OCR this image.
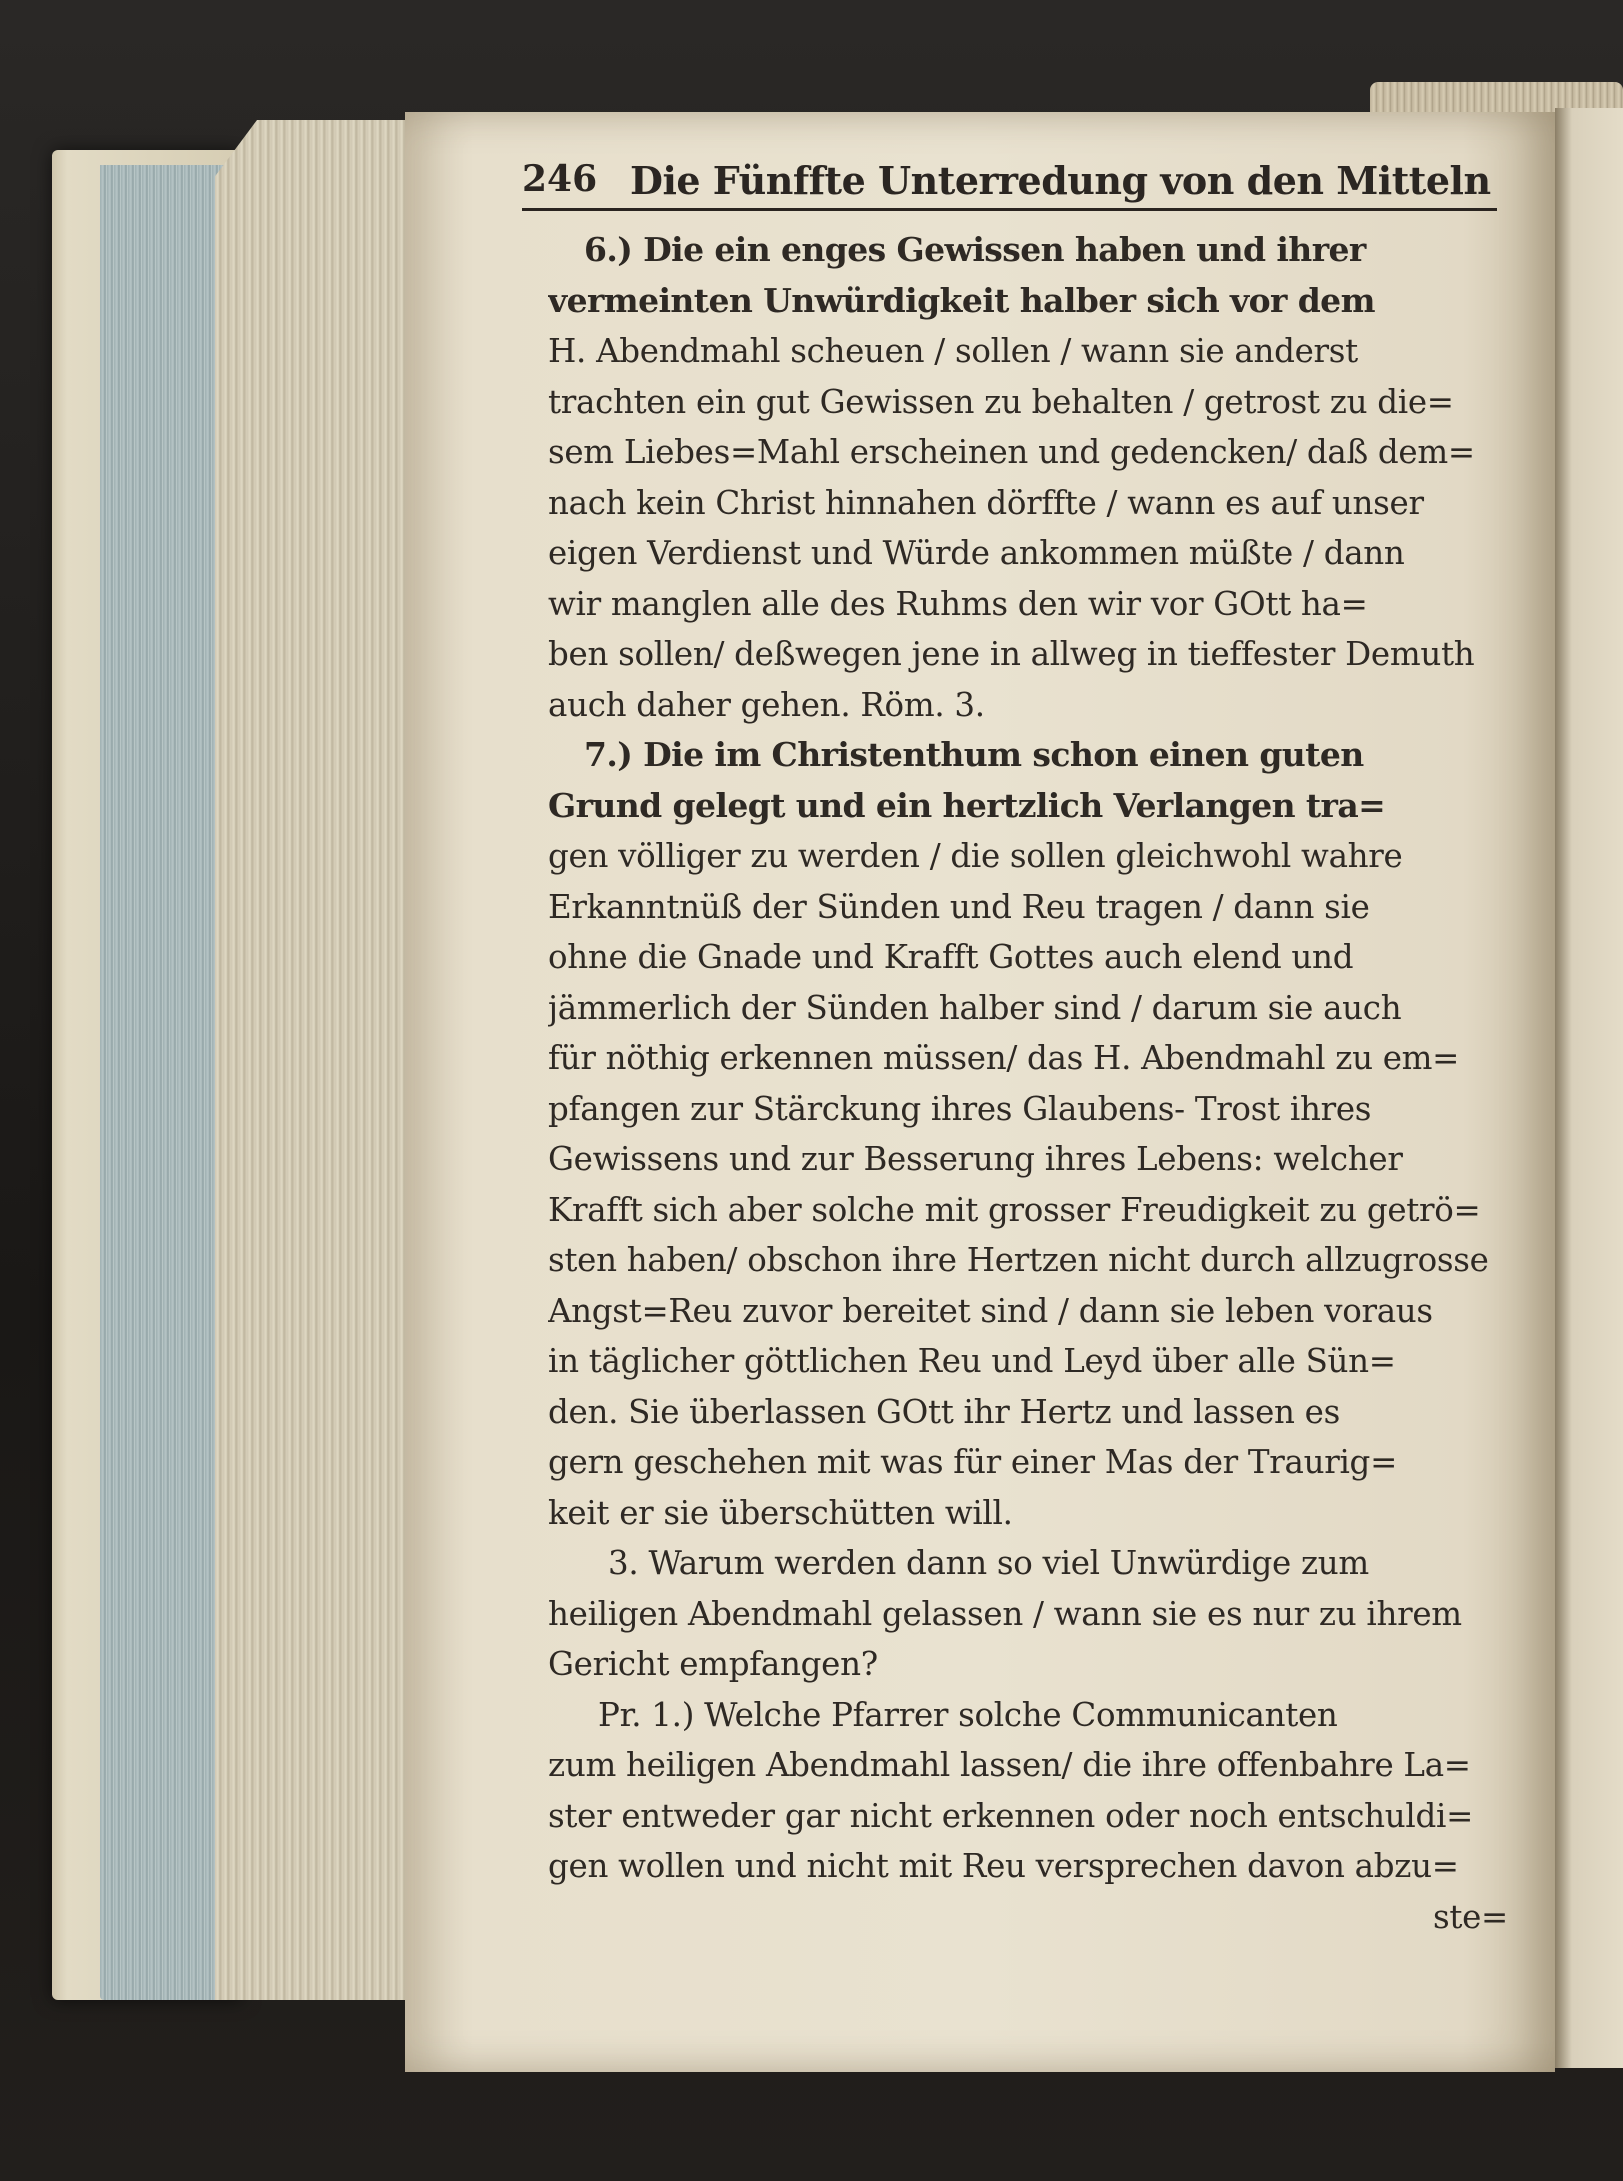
246 Die Fünffte Unterredung von den Mitteln
6.) Die ein enges Gewissen haben und ihrer
vermeinten Unwürdigkeit halber sich vor dem
H. Abendmahl scheuen / sollen / wann sie anderst
trachten ein gut Gewissen zu behalten / getrost zu die=
sem Liebes=Mahl erscheinen und gedencken/ daß dem=
nach kein Christ hinnahen dörffte / wann es auf unser
eigen Verdienst und Würde ankommen müßte / dann
wir manglen alle des Ruhms den wir vor GOtt ha=
ben sollen/ deßwegen jene in allweg in tieffester Demuth
auch daher gehen. Röm. 3.
7.) Die im Christenthum schon einen guten
Grund gelegt und ein hertzlich Verlangen tra=
gen völliger zu werden / die sollen gleichwohl wahre
Erkanntnüß der Sünden und Reu tragen / dann sie
ohne die Gnade und Krafft Gottes auch elend und
jämmerlich der Sünden halber sind / darum sie auch
für nöthig erkennen müssen/ das H. Abendmahl zu em=
pfangen zur Stärckung ihres Glaubens- Trost ihres
Gewissens und zur Besserung ihres Lebens: welcher
Krafft sich aber solche mit grosser Freudigkeit zu getrö=
sten haben/ obschon ihre Hertzen nicht durch allzugrosse
Angst=Reu zuvor bereitet sind / dann sie leben voraus
in täglicher göttlichen Reu und Leyd über alle Sün=
den. Sie überlassen GOtt ihr Hertz und lassen es
gern geschehen mit was für einer Mas der Traurig=
keit er sie überschütten will.
3. Warum werden dann so viel Unwürdige zum
heiligen Abendmahl gelassen / wann sie es nur zu ihrem
Gericht empfangen?
Pr. 1.) Welche Pfarrer solche Communicanten
zum heiligen Abendmahl lassen/ die ihre offenbahre La=
ster entweder gar nicht erkennen oder noch entschuldi=
gen wollen und nicht mit Reu versprechen davon abzu=
ste=
